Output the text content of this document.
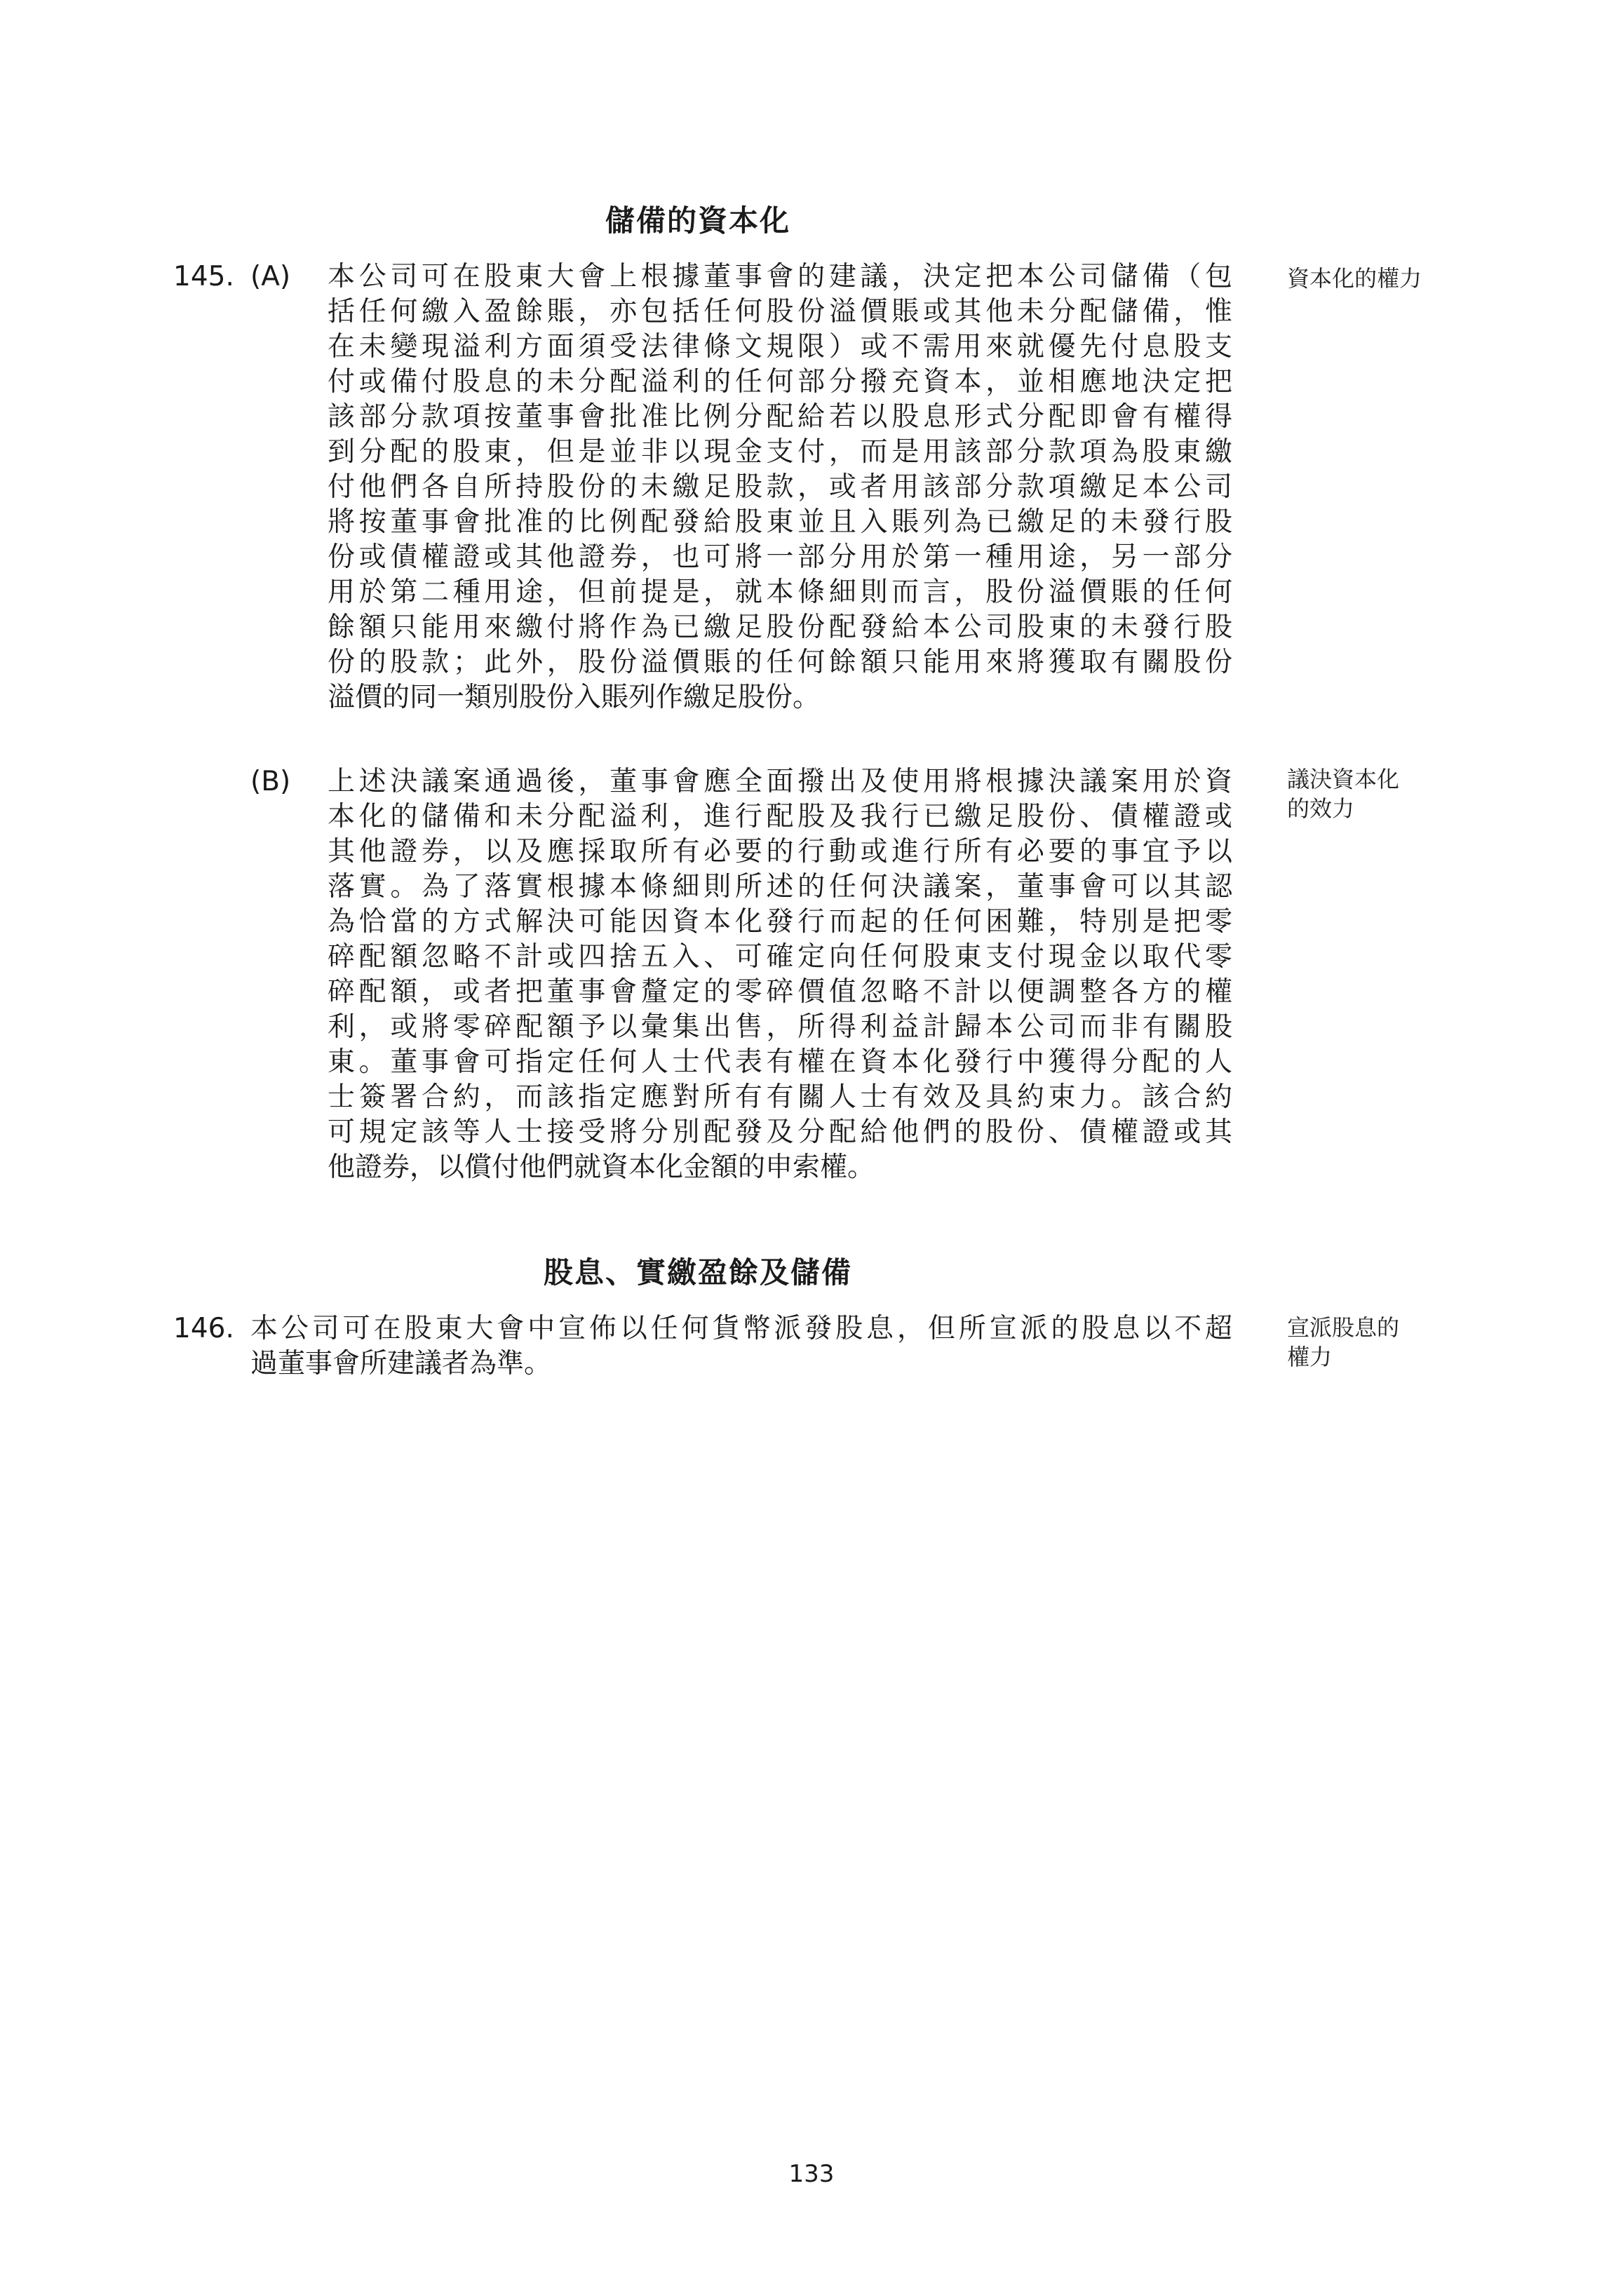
儲備的資本化
145. (A)	資本化的權力
本公司可在股東大會上根據董事會的建議，決定把本公司儲備（包
括任何繳入盈餘賬，亦包括任何股份溢價賬或其他未分配儲備，惟
在未變現溢利方面須受法律條文規限）或不需用來就優先付息股支
付或備付股息的未分配溢利的任何部分撥充資本，並相應地決定把
該部分款項按董事會批准比例分配給若以股息形式分配即會有權得
到分配的股東，但是並非以現金支付，而是用該部分款項為股東繳
付他們各自所持股份的未繳足股款，或者用該部分款項繳足本公司
將按董事會批准的比例配發給股東並且入賬列為已繳足的未發行股
份或債權證或其他證券，也可將一部分用於第一種用途，另一部分
用於第二種用途，但前提是，就本條細則而言，股份溢價賬的任何
餘額只能用來繳付將作為已繳足股份配發給本公司股東的未發行股
份的股款；此外，股份溢價賬的任何餘額只能用來將獲取有關股份
溢價的同一類別股份入賬列作繳足股份。
(B)	議決資本化
的效力
上述決議案通過後，董事會應全面撥出及使用將根據決議案用於資
本化的儲備和未分配溢利，進行配股及我行已繳足股份、債權證或
其他證券，以及應採取所有必要的行動或進行所有必要的事宜予以
落實。為了落實根據本條細則所述的任何決議案，董事會可以其認
為恰當的方式解決可能因資本化發行而起的任何困難，特別是把零
碎配額忽略不計或四捨五入、可確定向任何股東支付現金以取代零
碎配額，或者把董事會釐定的零碎價值忽略不計以便調整各方的權
利，或將零碎配額予以彙集出售，所得利益計歸本公司而非有關股
東。董事會可指定任何人士代表有權在資本化發行中獲得分配的人
士簽署合約，而該指定應對所有有關人士有效及具約束力。該合約
可規定該等人士接受將分別配發及分配給他們的股份、債權證或其
他證券，以償付他們就資本化金額的申索權。
股息、實繳盈餘及儲備
146.	宣派股息的
權力
本公司可在股東大會中宣佈以任何貨幣派發股息，但所宣派的股息以不超
過董事會所建議者為準。
133
